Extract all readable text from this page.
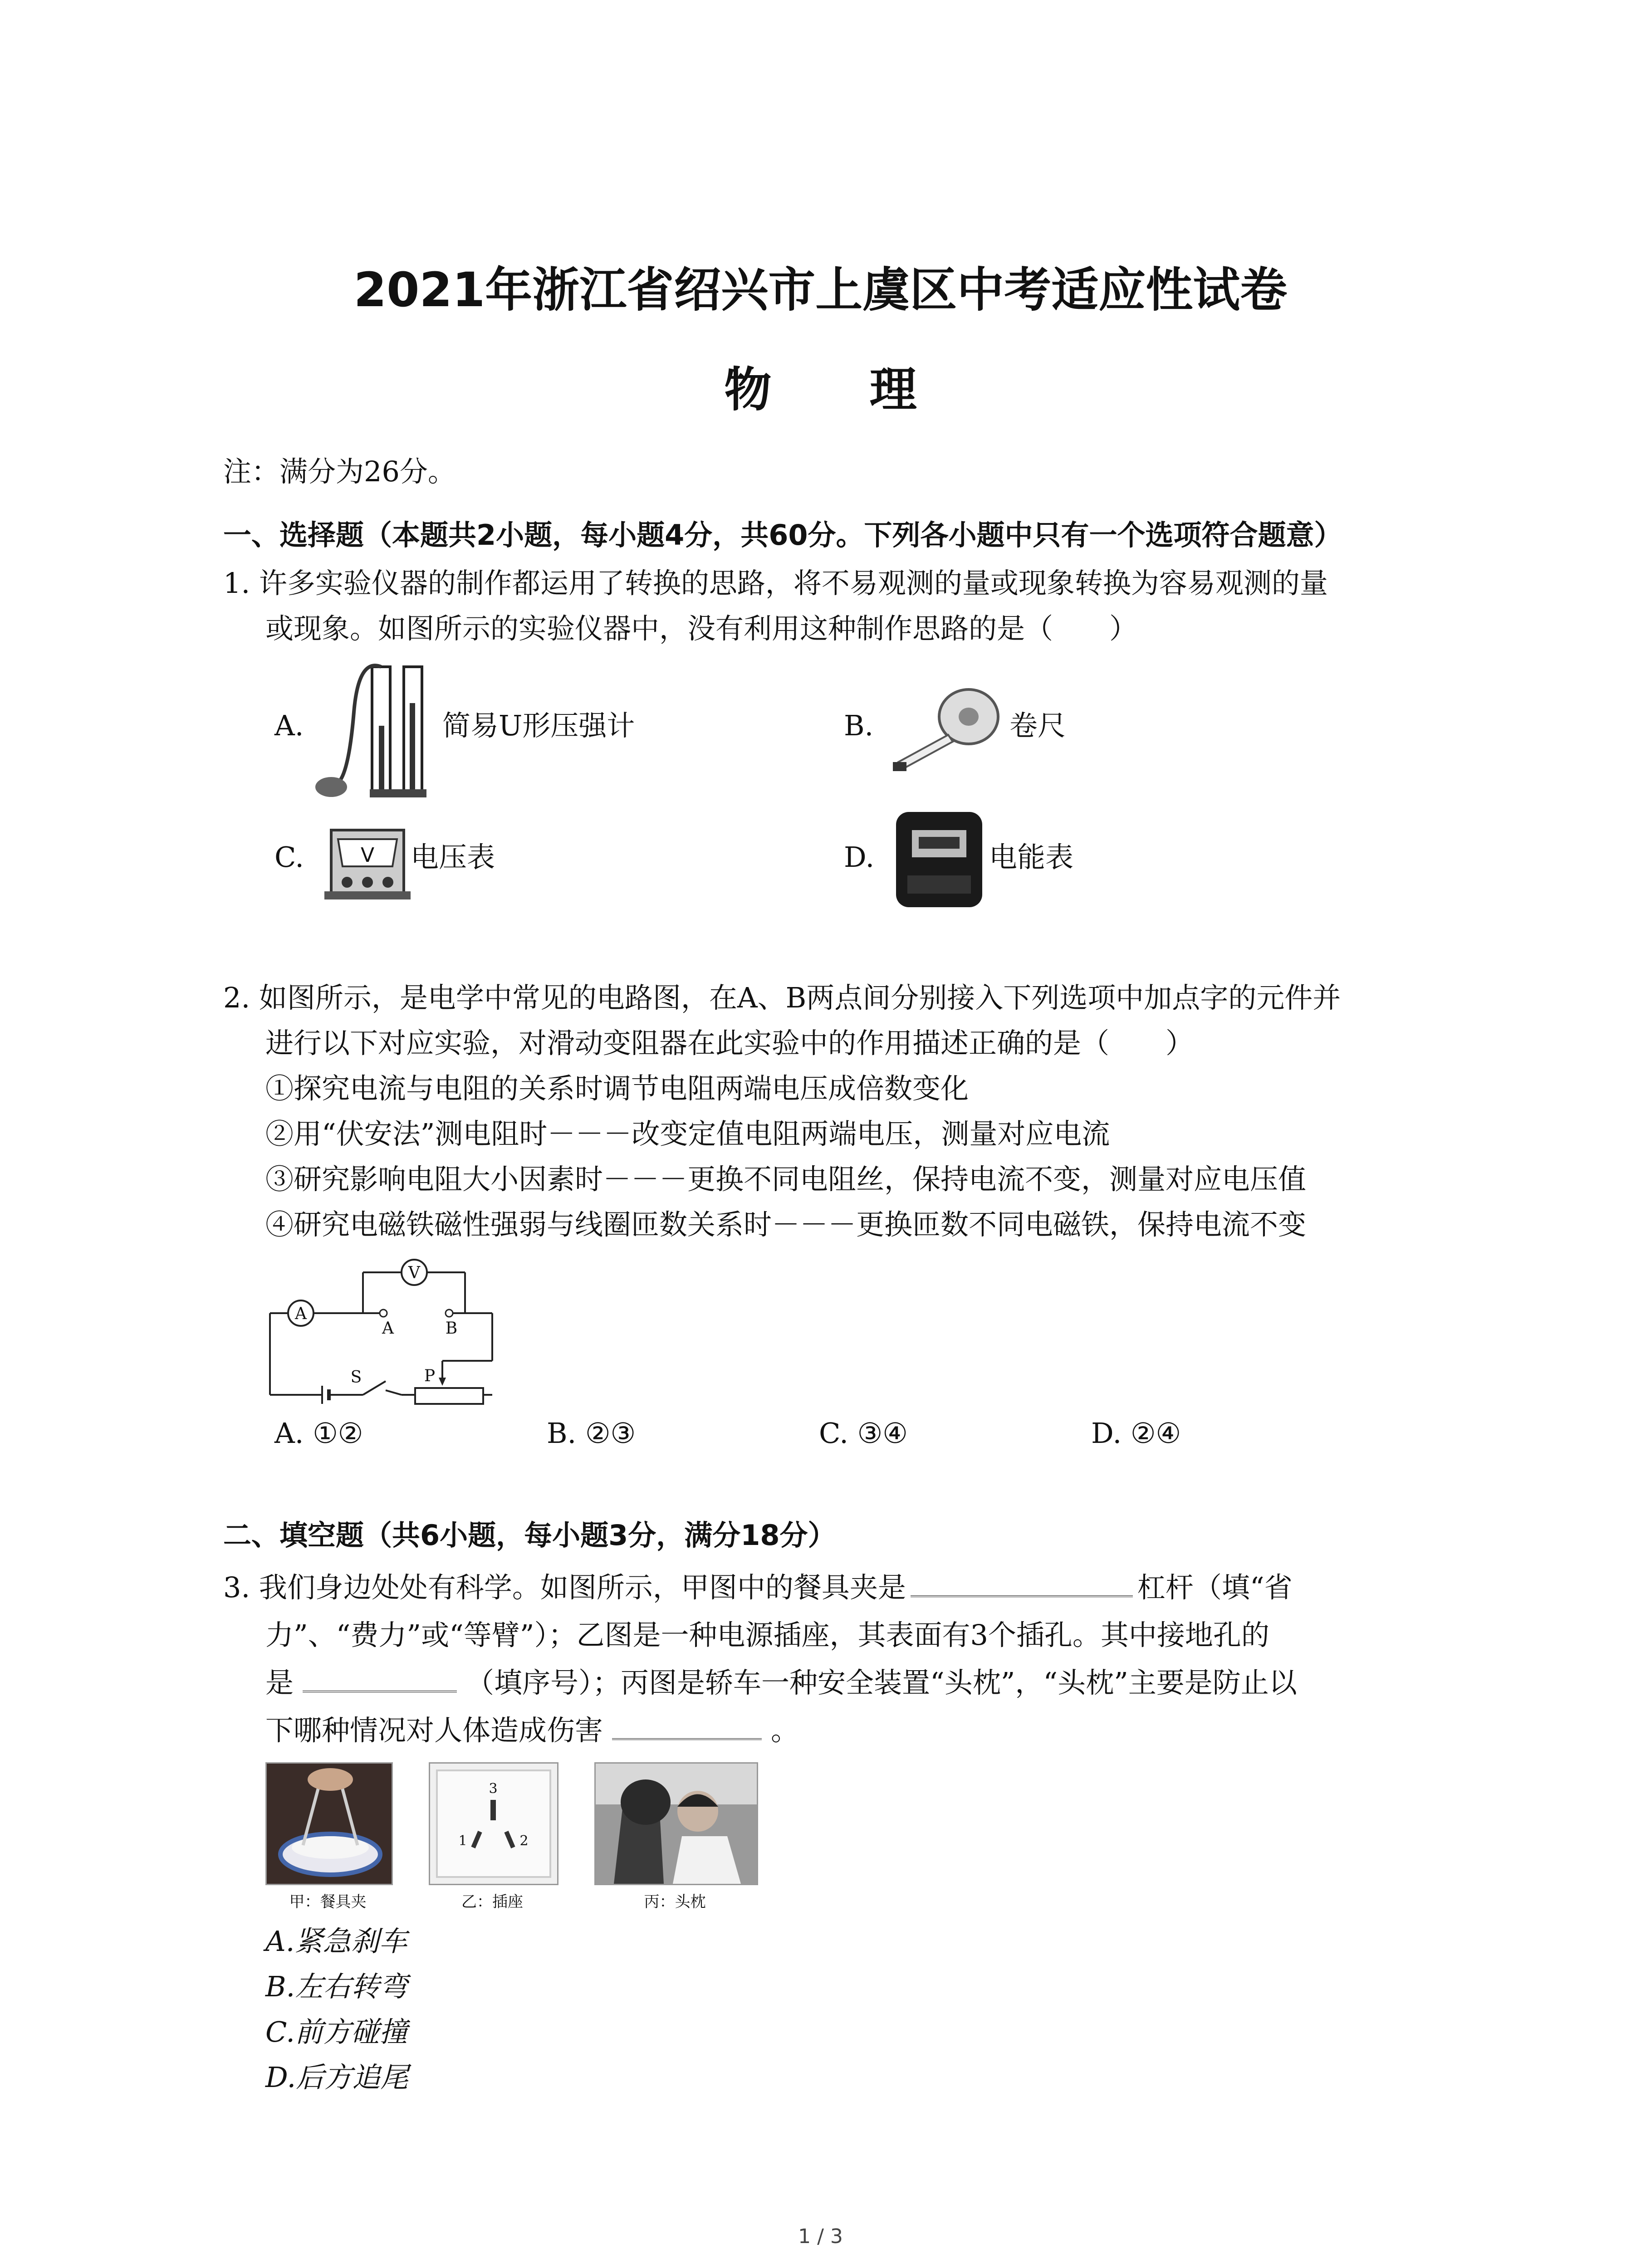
2021年浙江省绍兴市上虞区中考适应性试卷
物 理
注：满分为26分。
一、选择题（本题共2小题，每小题4分，共60分。下列各小题中只有一个选项符合题意）
1. 许多实验仪器的制作都运用了转换的思路，将不易观测的量或现象转换为容易观测的量
或现象。如图所示的实验仪器中，没有利用这种制作思路的是（　　）
A.	简易U形压强计	B.	卷尺
C.	V 电压表	D.	电能表
2. 如图所示，是电学中常见的电路图，在A、B两点间分别接入下列选项中加点字的元件并
进行以下对应实验，对滑动变阻器在此实验中的作用描述正确的是（　　）
①探究电流与电阻的关系时调节电阻两端电压成倍数变化
②用“伏安法”测电阻时－－－改变定值电阻两端电压，测量对应电流
③研究影响电阻大小因素时－－－更换不同电阻丝，保持电流不变，测量对应电压值
④研究电磁铁磁性强弱与线圈匝数关系时－－－更换匝数不同电磁铁，保持电流不变
A
V
A	B
S	P
A. ①②	B. ②③	C. ③④	D. ②④
二、填空题（共6小题，每小题3分，满分18分）
3. 我们身边处处有科学。如图所示，甲图中的餐具夹是	杠杆（填“省
力”、“费力”或“等臂”）；乙图是一种电源插座，其表面有3个插孔。其中接地孔的
是	（填序号）；丙图是轿车一种安全装置“头枕”，“头枕”主要是防止以
下哪种情况对人体造成伤害	。
甲：餐具夹
3
1	2
乙：插座	丙：头枕
A.紧急刹车
B.左右转弯
C.前方碰撞
D.后方追尾
1 / 3
